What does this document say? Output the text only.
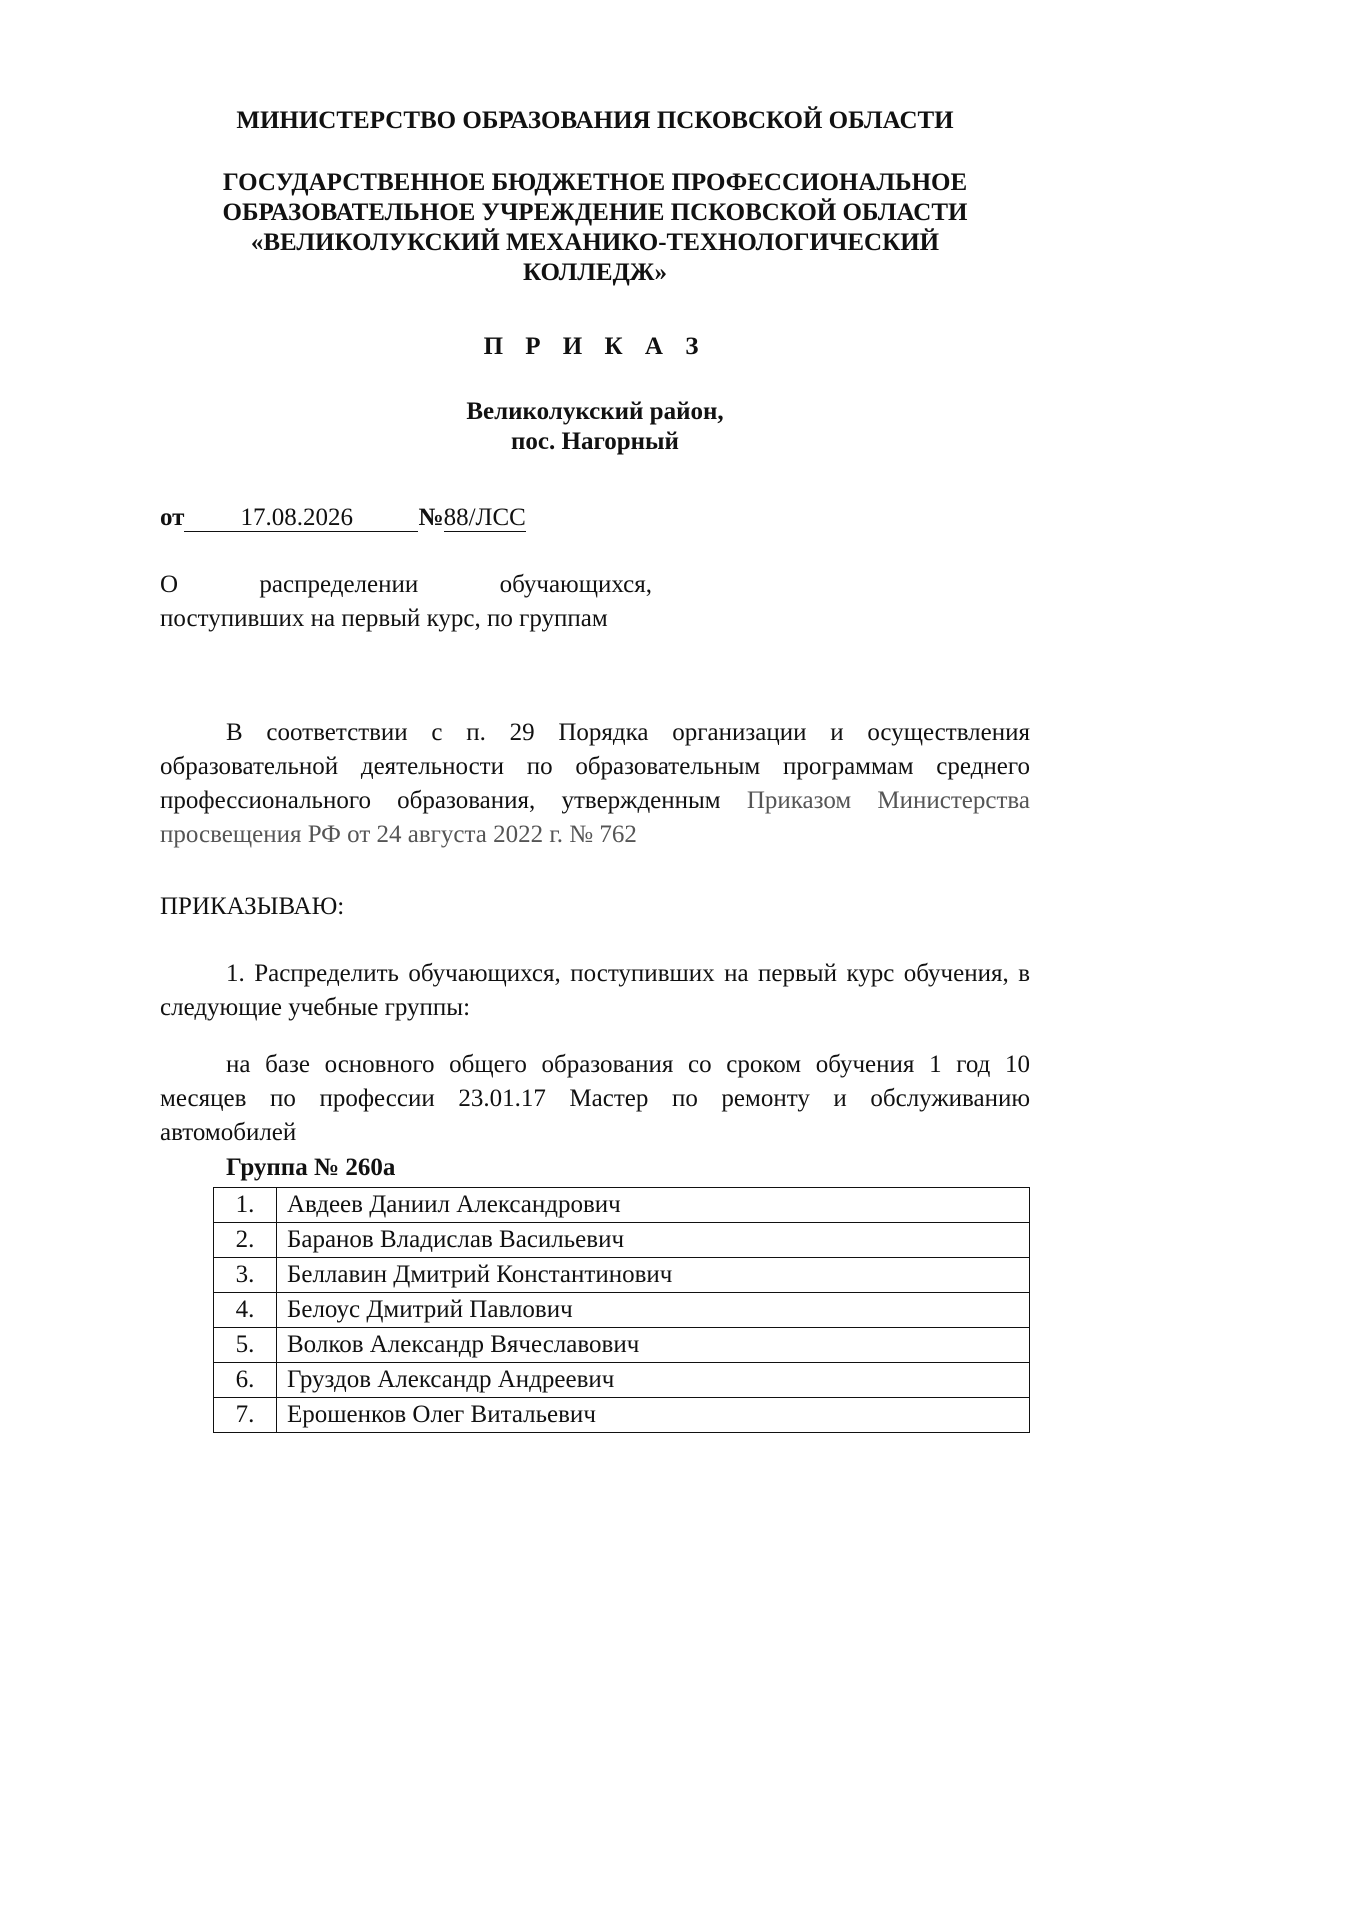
МИНИСТЕРСТВО ОБРАЗОВАНИЯ ПСКОВСКОЙ ОБЛАСТИ

ГОСУДАРСТВЕННОЕ БЮДЖЕТНОЕ ПРОФЕССИОНАЛЬНОЕ
ОБРАЗОВАТЕЛЬНОЕ УЧРЕЖДЕНИЕ ПСКОВСКОЙ ОБЛАСТИ
«ВЕЛИКОЛУКСКИЙ МЕХАНИКО-ТЕХНОЛОГИЧЕСКИЙ
КОЛЛЕДЖ»

П Р И К А З

Великолукский район,
пос. Нагорный

от 17.08.2026	№88/ЛСС
О	распределении	обучающихся,
поступивших на первый курс, по группам

В соответствии с п. 29 Порядка организации и осуществления образовательной деятельности по образовательным программам среднего профессионального образования, утвержденным Приказом Министерства просвещения РФ от 24 августа 2022 г. № 762

ПРИКАЗЫВАЮ:

1. Распределить обучающихся, поступивших на первый курс обучения, в следующие учебные группы:

на базе основного общего образования со сроком обучения 1 год 10 месяцев по профессии 23.01.17 Мастер по ремонту и обслуживанию автомобилей

Группа № 260а
1.	Авдеев Даниил Александрович
2.	Баранов Владислав Васильевич
3.	Беллавин Дмитрий Константинович
4.	Белоус Дмитрий Павлович
5.	Волков Александр Вячеславович
6.	Груздов Александр Андреевич
7.	Ерошенков Олег Витальевич
